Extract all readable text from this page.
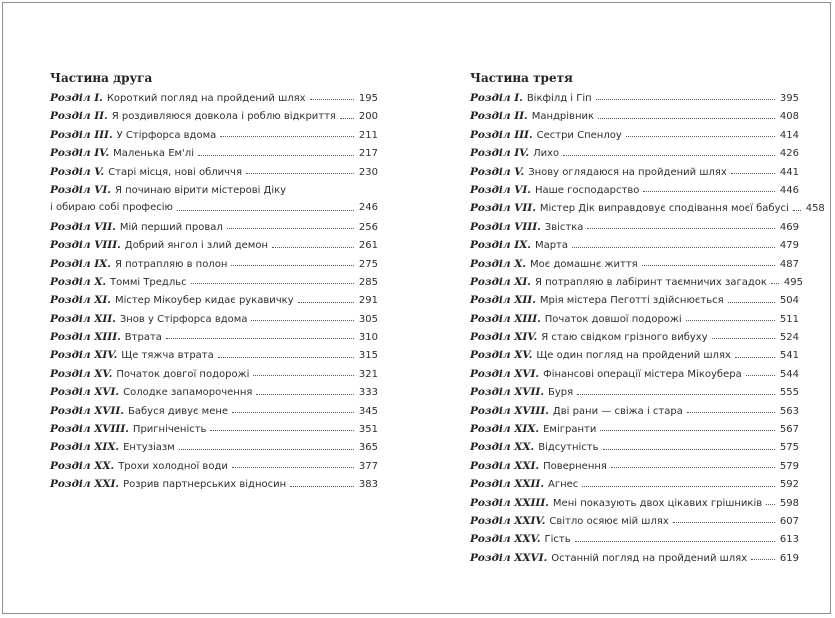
Частина друга
Розділ I. Короткий погляд на пройдений шлях	195
Розділ II. Я роздивляюся довкола і роблю відкриття 200
Розділ III. У Стірфорса вдома	211
Розділ IV. Маленька Ем'лі	217
Розділ V. Старі місця, нові обличчя	230
Розділ VI. Я починаю вірити містерові Діку
і обираю собі професію	246
Розділ VII. Мій перший провал	256
Розділ VIII. Добрий янгол і злий демон	261
Розділ IX. Я потрапляю в полон	275
Розділ X. Томмі Тредльс	285
Розділ XI. Містер Мікоубер кидає рукавичку	291
Розділ XII. Знов у Стірфорса вдома	305
Розділ XIII. Втрата	310
Розділ XIV. Ще тяжча втрата	315
Розділ XV. Початок довгої подорожі	321
Розділ XVI. Солодке запаморочення	333
Розділ XVII. Бабуся дивує мене	345
Розділ XVIII. Пригніченість	351
Розділ XIX. Ентузіазм	365
Розділ XX. Трохи холодної води	377
Розділ XXI. Розрив партнерських відносин	383
Частина третя
Розділ I. Вікфілд і Гіп	395
Розділ II. Мандрівник	408
Розділ III. Сестри Спенлоу	414
Розділ IV. Лихо	426
Розділ V. Знову оглядаюся на пройдений шлях	441
Розділ VI. Наше господарство	446
Розділ VII. Містер Дік виправдовує сподівання моєї бабусі 458
Розділ VIII. Звістка	469
Розділ IX. Марта	479
Розділ X. Моє домашнє життя	487
Розділ XI. Я потрапляю в лабіринт таємничих загадок 495
Розділ XII. Мрія містера Пеготті здійснюється	504
Розділ XIII. Початок довшої подорожі	511
Розділ XIV. Я стаю свідком грізного вибуху	524
Розділ XV. Ще один погляд на пройдений шлях	541
Розділ XVI. Фінансові операції містера Мікоубера	544
Розділ XVII. Буря	555
Розділ XVIII. Дві рани — свіжа і стара	563
Розділ XIX. Емігранти	567
Розділ XX. Відсутність	575
Розділ XXI. Повернення	579
Розділ XXII. Агнес	592
Розділ XXIII. Мені показують двох цікавих грішників 598
Розділ XXIV. Світло осяює мій шлях	607
Розділ XXV. Гість	613
Розділ XXVI. Останній погляд на пройдений шлях	619
